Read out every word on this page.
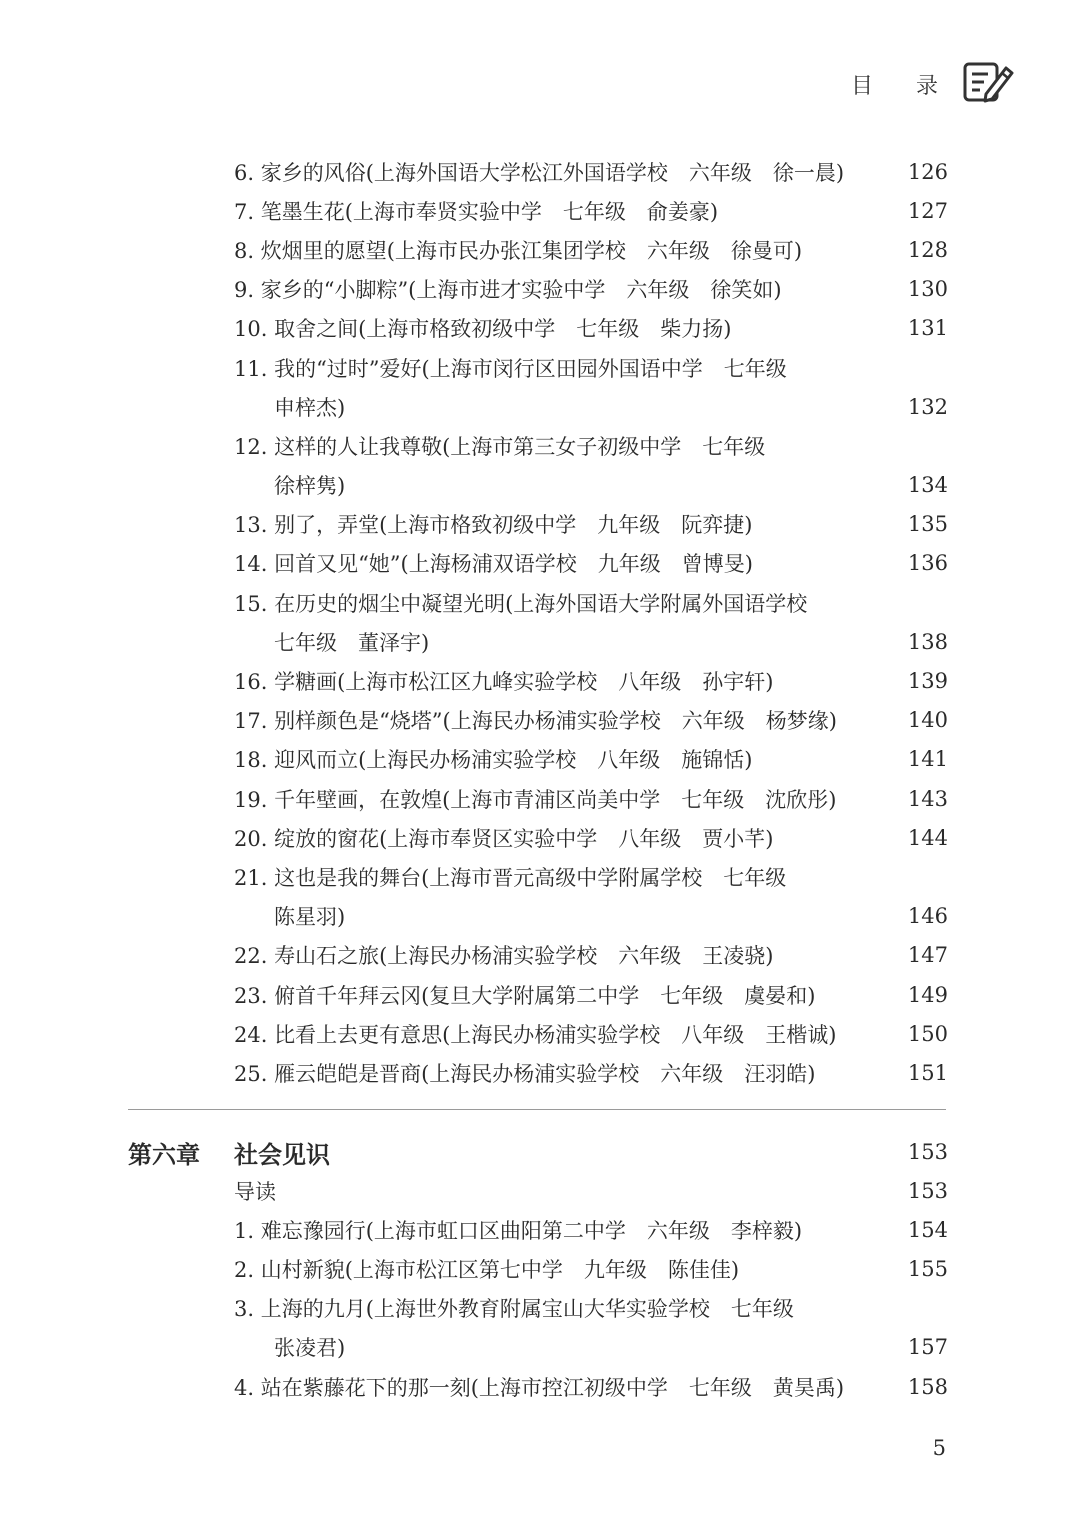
目 录
6. 家乡的风俗(上海外国语大学松江外国语学校　六年级　徐一晨)	126
7. 笔墨生花(上海市奉贤实验中学　七年级　俞姜豪)	127
8. 炊烟里的愿望(上海市民办张江集团学校　六年级　徐曼可)	128
9. 家乡的“小脚粽”(上海市进才实验中学　六年级　徐笑如)	130
10. 取舍之间(上海市格致初级中学　七年级　柴力扬)	131
11. 我的“过时”爱好(上海市闵行区田园外国语中学　七年级
申梓杰)	132
12. 这样的人让我尊敬(上海市第三女子初级中学　七年级
徐梓隽)	134
13. 别了，弄堂(上海市格致初级中学　九年级　阮弈捷)	135
14. 回首又见“她”(上海杨浦双语学校　九年级　曾博旻)	136
15. 在历史的烟尘中凝望光明(上海外国语大学附属外国语学校
七年级　董泽宇)	138
16. 学糖画(上海市松江区九峰实验学校　八年级　孙宇轩)	139
17. 别样颜色是“烧塔”(上海民办杨浦实验学校　六年级　杨梦缘)	140
18. 迎风而立(上海民办杨浦实验学校　八年级　施锦恬)	141
19. 千年壁画，在敦煌(上海市青浦区尚美中学　七年级　沈欣彤)	143
20. 绽放的窗花(上海市奉贤区实验中学　八年级　贾小芊)	144
21. 这也是我的舞台(上海市晋元高级中学附属学校　七年级
陈星羽)	146
22. 寿山石之旅(上海民办杨浦实验学校　六年级　王凌骁)	147
23. 俯首千年拜云冈(复旦大学附属第二中学　七年级　虞晏和)	149
24. 比看上去更有意思(上海民办杨浦实验学校　八年级　王楷诚)	150
25. 雁云皑皑是晋商(上海民办杨浦实验学校　六年级　汪羽皓)	151
第六章	社会见识	153
导读	153
1. 难忘豫园行(上海市虹口区曲阳第二中学　六年级　李梓毅)	154
2. 山村新貌(上海市松江区第七中学　九年级　陈佳佳)	155
3. 上海的九月(上海世外教育附属宝山大华实验学校　七年级
张凌君)	157
4. 站在紫藤花下的那一刻(上海市控江初级中学　七年级　黄昊禹)	158
5
